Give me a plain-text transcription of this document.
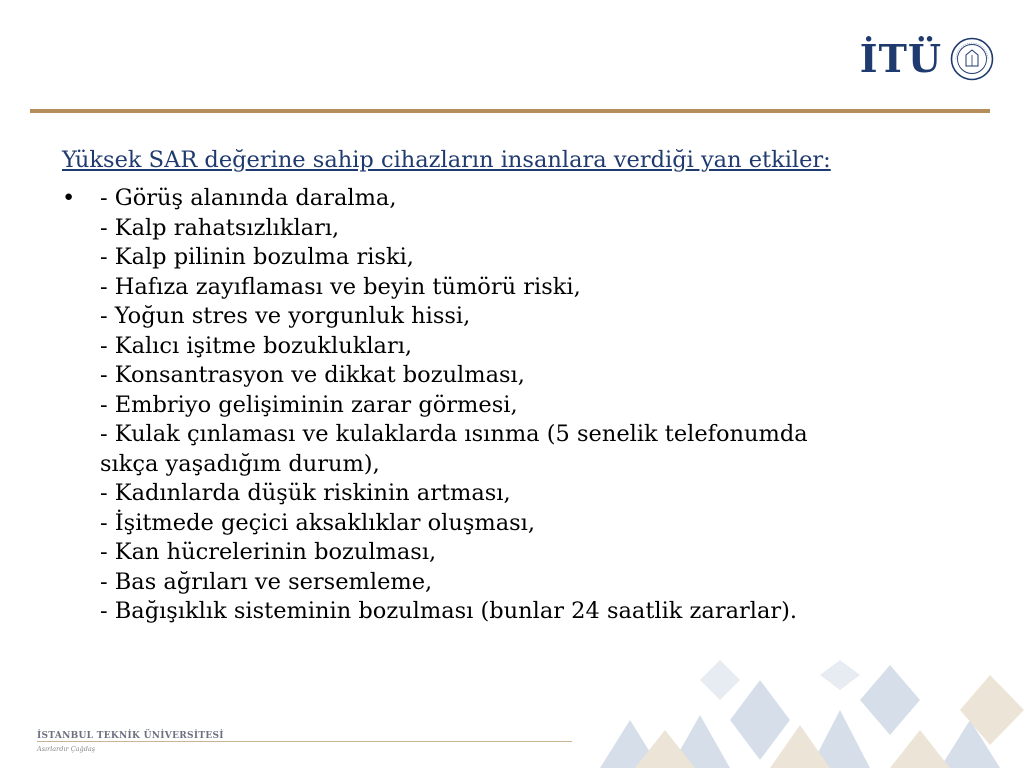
İTÜ

Yüksek SAR değerine sahip cihazların insanlara verdiği yan etkiler:

• - Görüş alanında daralma,
- Kalp rahatsızlıkları,
- Kalp pilinin bozulma riski,
- Hafıza zayıflaması ve beyin tümörü riski,
- Yoğun stres ve yorgunluk hissi,
- Kalıcı işitme bozuklukları,
- Konsantrasyon ve dikkat bozulması,
- Embriyo gelişiminin zarar görmesi,
- Kulak çınlaması ve kulaklarda ısınma (5 senelik telefonumda
sıkça yaşadığım durum),
- Kadınlarda düşük riskinin artması,
- İşitmede geçici aksaklıklar oluşması,
- Kan hücrelerinin bozulması,
- Bas ağrıları ve sersemleme,
- Bağışıklık sisteminin bozulması (bunlar 24 saatlik zararlar).
İSTANBUL TEKNİK ÜNİVERSİTESİ
Asırlardır Çağdaş
